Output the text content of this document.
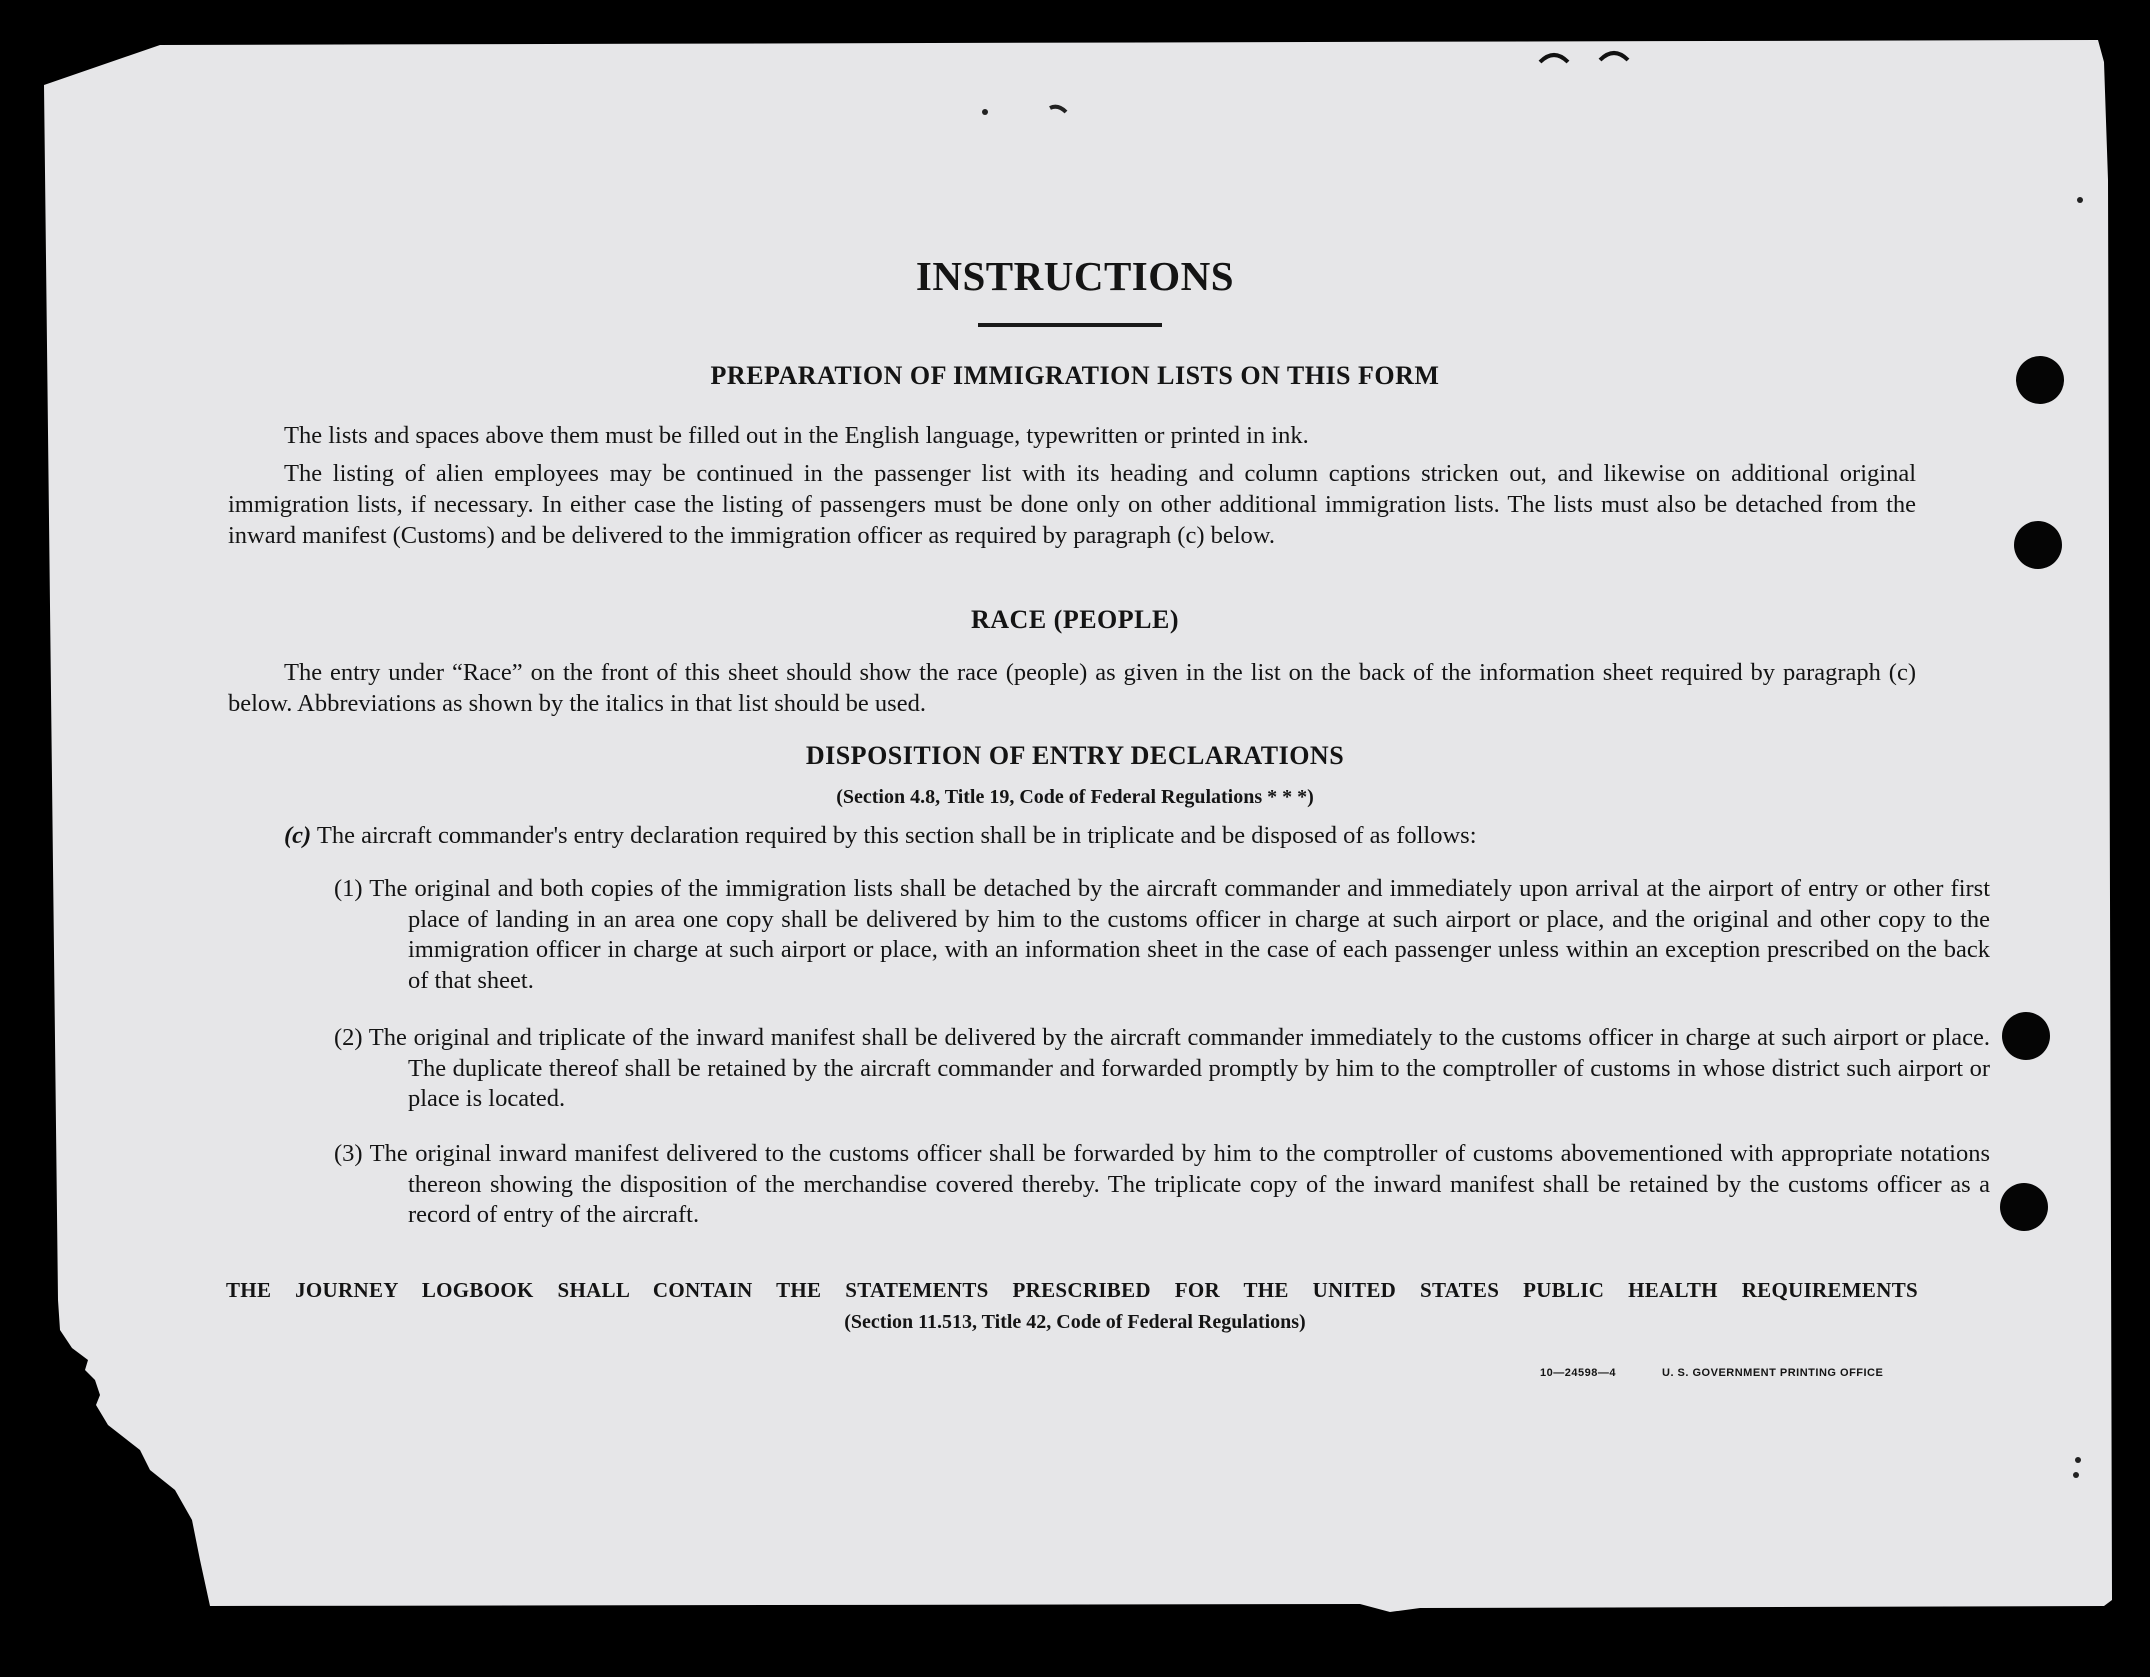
INSTRUCTIONS
PREPARATION OF IMMIGRATION LISTS ON THIS FORM
The lists and spaces above them must be filled out in the English language, typewritten or printed in ink.
The listing of alien employees may be continued in the passenger list with its heading and column captions stricken out, and likewise on additional original immigration lists, if necessary. In either case the listing of passengers must be done only on other additional immigration lists. The lists must also be detached from the inward manifest (Customs) and be delivered to the immigration officer as required by paragraph (c) below.
RACE (PEOPLE)
The entry under “Race” on the front of this sheet should show the race (people) as given in the list on the back of the information sheet required by paragraph (c) below. Abbreviations as shown by the italics in that list should be used.
DISPOSITION OF ENTRY DECLARATIONS
(Section 4.8, Title 19, Code of Federal Regulations * * *)
(c) The aircraft commander's entry declaration required by this section shall be in triplicate and be disposed of as follows:
(1) The original and both copies of the immigration lists shall be detached by the aircraft commander and immediately upon arrival at the airport of entry or other first place of landing in an area one copy shall be delivered by him to the customs officer in charge at such airport or place, and the original and other copy to the immigration officer in charge at such airport or place, with an information sheet in the case of each passenger unless within an exception prescribed on the back of that sheet.
(2) The original and triplicate of the inward manifest shall be delivered by the aircraft commander immediately to the customs officer in charge at such airport or place. The duplicate thereof shall be retained by the aircraft commander and forwarded promptly by him to the comptroller of customs in whose district such airport or place is located.
(3) The original inward manifest delivered to the customs officer shall be forwarded by him to the comptroller of customs abovementioned with appropriate notations thereon showing the disposition of the merchandise covered thereby. The triplicate copy of the inward manifest shall be retained by the customs officer as a record of entry of the aircraft.
THE JOURNEY LOGBOOK SHALL CONTAIN THE STATEMENTS PRESCRIBED FOR THE UNITED STATES PUBLIC HEALTH REQUIREMENTS
(Section 11.513, Title 42, Code of Federal Regulations)
10—24598—4	U. S. GOVERNMENT PRINTING OFFICE
